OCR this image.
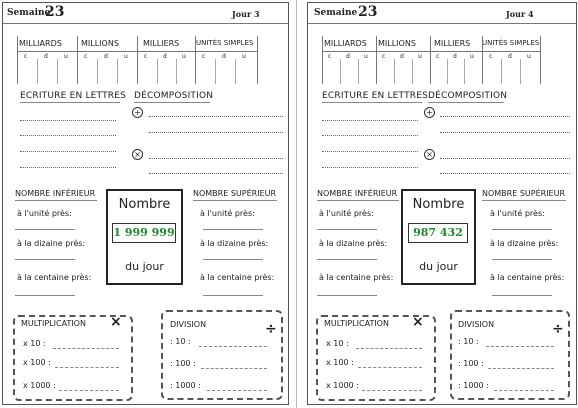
Semaine
23	Jour 3
MILLIARDS MILLIONS	MILLIERS UNITÉS SIMPLES
c	d	u	c	d	u	c	d	u	c	d	u
ECRITURE EN LETTRES DÉCOMPOSITION
+
×
NOMBRE INFÉRIEUR
à l'unité près:
à la dizaine près:
à la centaine près:
Nombre
1 999 999
du jour
NOMBRE SUPÉRIEUR
à l'unité près:
à la dizaine près:
à la centaine près:
MULTIPLICATION ×
x 10 :
x 100 :
x 1000 :
DIVISION	÷
: 10 :
: 100 :
: 1000 :
Semaine 23	Jour 4
MILLIARDS MILLIONS MILLIERS UNITÉS SIMPLES
c d u c d u c d u	c	d	u
ECRITURE EN LETTRES DÉCOMPOSITION
+
×
NOMBRE INFÉRIEUR
à l'unité près:
à la dizaine près:
à la centaine près:
Nombre
987 432
du jour
NOMBRE SUPÉRIEUR
à l'unité près:
à la dizaine près:
à la centaine près:
MULTIPLICATION ×
x 10 :
x 100 :
x 1000 :
DIVISION	÷
: 10 :
: 100 :
: 1000 :
